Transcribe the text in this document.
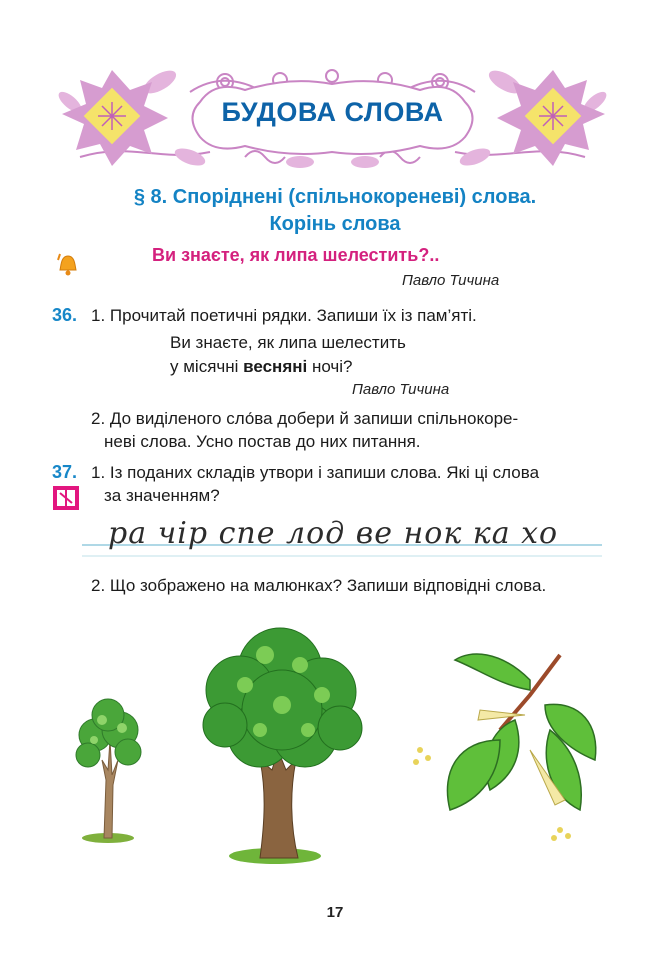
БУДОВА СЛОВА
§ 8. Споріднені (спільнокореневі) слова.
Корінь слова
Ви знаєте, як липа шелестить?..
Павло Тичина
36. 1. Прочитай поетичні рядки. Запиши їх із пам’яті.
Ви знаєте, як липа шелестить
у місячні весняні ночі?
Павло Тичина
2. До виділеного сло́ва добери й запиши спільнокоре-
неві слова. Усно постав до них питання.
37. 1. Із поданих складів утвори і запиши слова. Які ці слова
за значенням?
ра чір спе лод ве нок ка хо
2. Що зображено на малюнках? Запиши відповідні слова.
17
